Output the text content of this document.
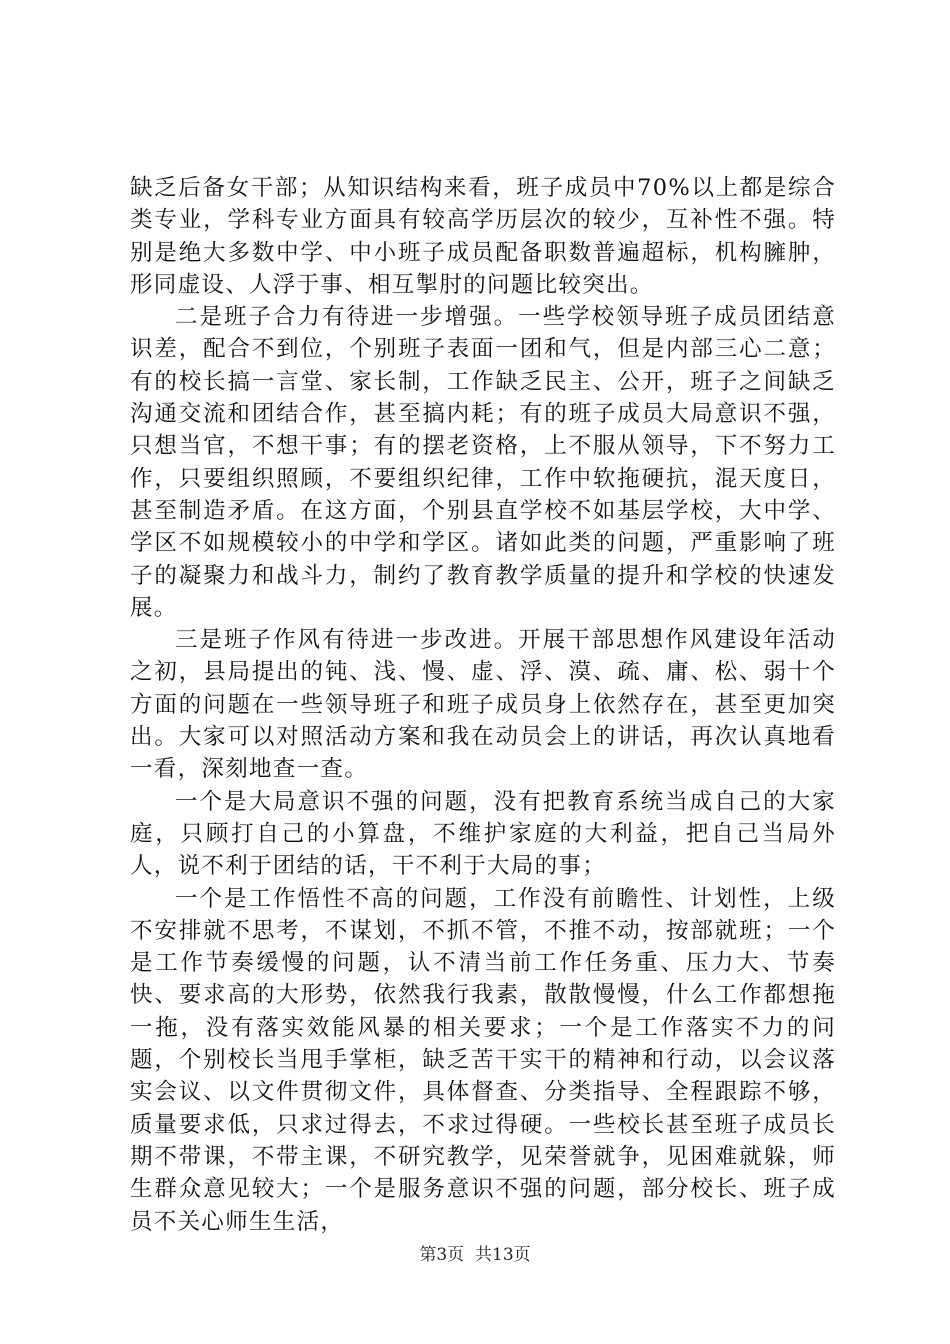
缺乏后备女干部；从知识结构来看，班子成员中70%以上都是综合类专业，学科专业方面具有较高学历层次的较少，互补性不强。特别是绝大多数中学、中小班子成员配备职数普遍超标，机构臃肿，形同虚设、人浮于事、相互掣肘的问题比较突出。

二是班子合力有待进一步增强。一些学校领导班子成员团结意识差，配合不到位，个别班子表面一团和气，但是内部三心二意；有的校长搞一言堂、家长制，工作缺乏民主、公开，班子之间缺乏沟通交流和团结合作，甚至搞内耗；有的班子成员大局意识不强，只想当官，不想干事；有的摆老资格，上不服从领导，下不努力工作，只要组织照顾，不要组织纪律，工作中软拖硬抗，混天度日，甚至制造矛盾。在这方面，个别县直学校不如基层学校，大中学、学区不如规模较小的中学和学区。诸如此类的问题，严重影响了班子的凝聚力和战斗力，制约了教育教学质量的提升和学校的快速发展。

三是班子作风有待进一步改进。开展干部思想作风建设年活动之初，县局提出的钝、浅、慢、虚、浮、漠、疏、庸、松、弱十个方面的问题在一些领导班子和班子成员身上依然存在，甚至更加突出。大家可以对照活动方案和我在动员会上的讲话，再次认真地看一看，深刻地查一查。

一个是大局意识不强的问题，没有把教育系统当成自己的大家庭，只顾打自己的小算盘，不维护家庭的大利益，把自己当局外人，说不利于团结的话，干不利于大局的事；

一个是工作悟性不高的问题，工作没有前瞻性、计划性，上级不安排就不思考，不谋划，不抓不管，不推不动，按部就班；一个是工作节奏缓慢的问题，认不清当前工作任务重、压力大、节奏快、要求高的大形势，依然我行我素，散散慢慢，什么工作都想拖一拖，没有落实效能风暴的相关要求；一个是工作落实不力的问题，个别校长当甩手掌柜，缺乏苦干实干的精神和行动，以会议落实会议、以文件贯彻文件，具体督查、分类指导、全程跟踪不够，质量要求低，只求过得去，不求过得硬。一些校长甚至班子成员长期不带课，不带主课，不研究教学，见荣誉就争，见困难就躲，师生群众意见较大；一个是服务意识不强的问题，部分校长、班子成员不关心师生生活，

第3页 共13页
